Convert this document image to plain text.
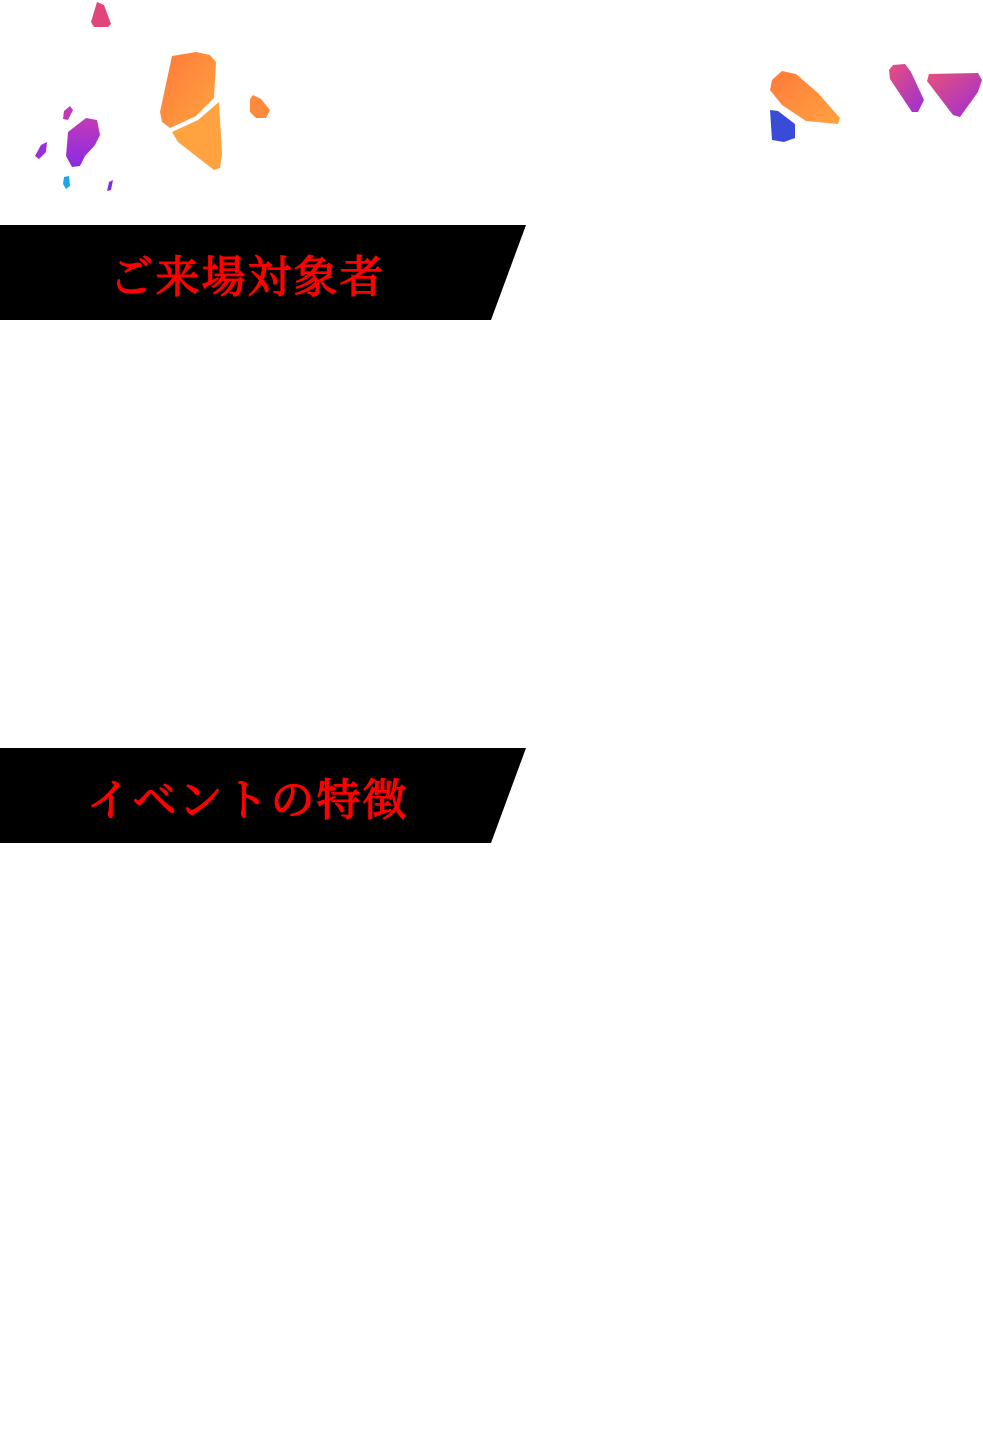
ご来場対象者
イベントの特徴
